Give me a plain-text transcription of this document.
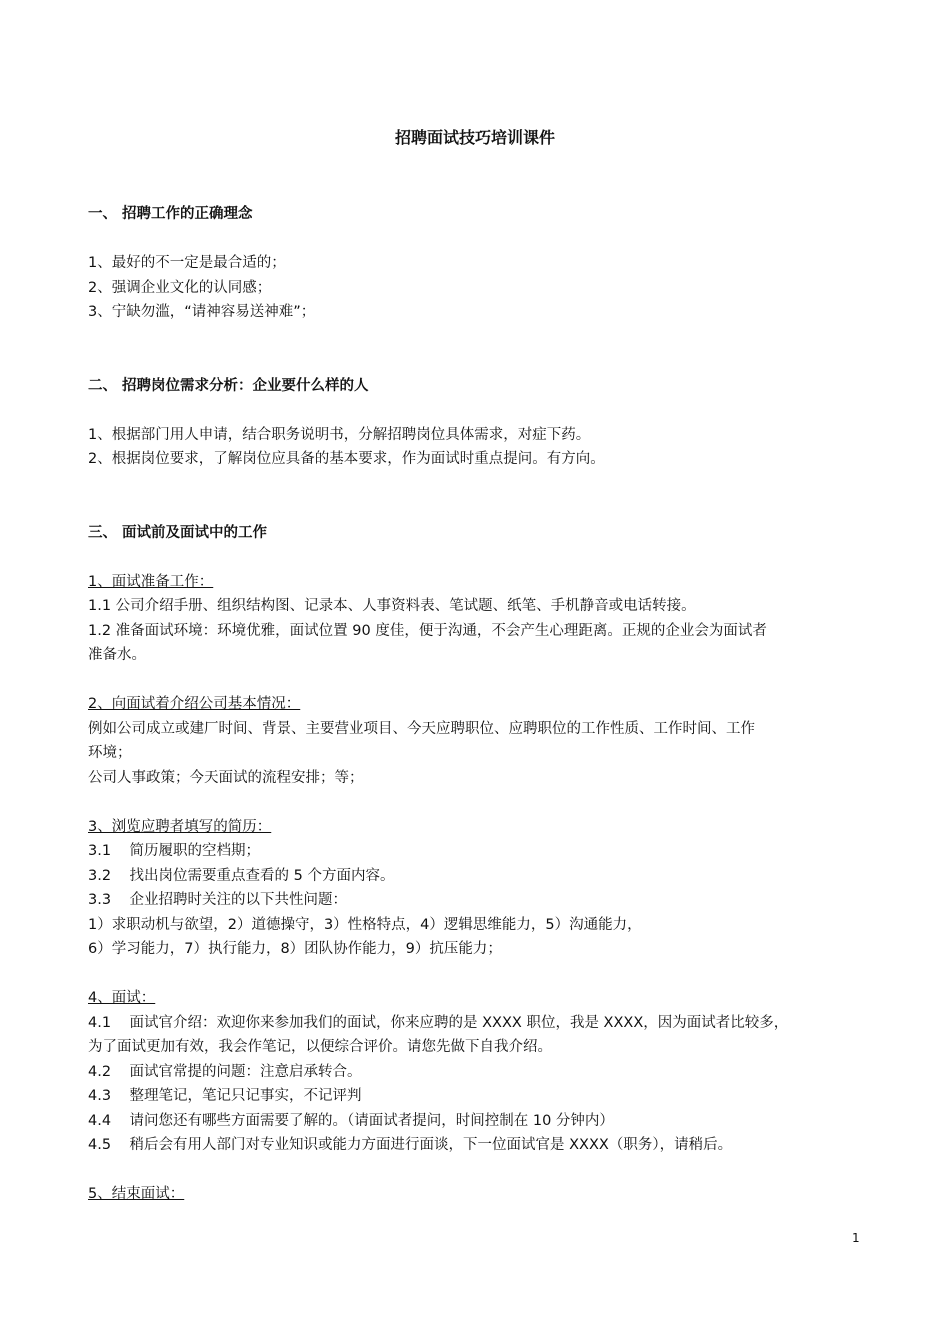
招聘面试技巧培训课件

一、 招聘工作的正确理念

1、最好的不一定是最合适的；

2、强调企业文化的认同感；

3、宁缺勿滥，“请神容易送神难”；

二、 招聘岗位需求分析：企业要什么样的人

1、根据部门用人申请，结合职务说明书，分解招聘岗位具体需求，对症下药。

2、根据岗位要求，了解岗位应具备的基本要求，作为面试时重点提问。有方向。

三、 面试前及面试中的工作

1、面试准备工作：

1.1 公司介绍手册、组织结构图、记录本、人事资料表、笔试题、纸笔、手机静音或电话转接。

1.2 准备面试环境：环境优雅，面试位置 90 度佳，便于沟通，不会产生心理距离。正规的企业会为面试者

准备水。

2、向面试着介绍公司基本情况：

例如公司成立或建厂时间、背景、主要营业项目、今天应聘职位、应聘职位的工作性质、工作时间、工作

环境；

公司人事政策；今天面试的流程安排；等；

3、浏览应聘者填写的简历：

3.1    简历履职的空档期；

3.2    找出岗位需要重点查看的 5 个方面内容。

3.3    企业招聘时关注的以下共性问题：

1）求职动机与欲望，2）道德操守，3）性格特点，4）逻辑思维能力，5）沟通能力，

6）学习能力，7）执行能力，8）团队协作能力，9）抗压能力；

4、面试：

4.1    面试官介绍：欢迎你来参加我们的面试，你来应聘的是 XXXX 职位，我是 XXXX，因为面试者比较多，

为了面试更加有效，我会作笔记，以便综合评价。请您先做下自我介绍。

4.2    面试官常提的问题：注意启承转合。

4.3    整理笔记，笔记只记事实，不记评判

4.4    请问您还有哪些方面需要了解的。（请面试者提问，时间控制在 10 分钟内）

4.5    稍后会有用人部门对专业知识或能力方面进行面谈，下一位面试官是 XXXX（职务），请稍后。

5、结束面试：

1
